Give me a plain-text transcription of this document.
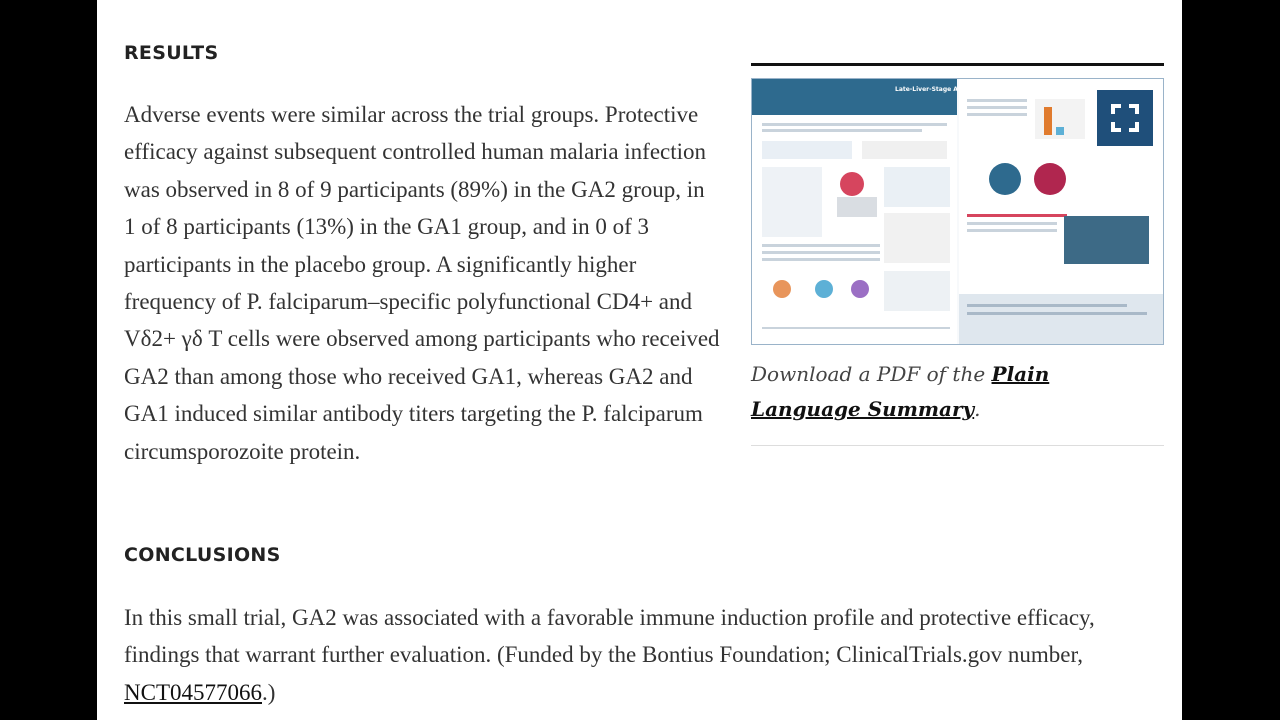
RESULTS

Download a PDF of the Plain Language Summary.

Adverse events were similar across the trial groups. Protective efficacy against subsequent controlled human malaria infection was observed in 8 of 9 participants (89%) in the GA2 group, in 1 of 8 participants (13%) in the GA1 group, and in 0 of 3 participants in the placebo group. A significantly higher frequency of P. falciparum–specific polyfunctional CD4+ and Vδ2+ γδ T cells were observed among participants who received GA2 than among those who received GA1, whereas GA2 and GA1 induced similar antibody titers targeting the P. falciparum circumsporozoite protein.

CONCLUSIONS

In this small trial, GA2 was associated with a favorable immune induction profile and protective efficacy, findings that warrant further evaluation. (Funded by the Bontius Foundation; ClinicalTrials.gov number, NCT04577066.)

Late-Liver-Stage Attenuated Malaria Vaccine
